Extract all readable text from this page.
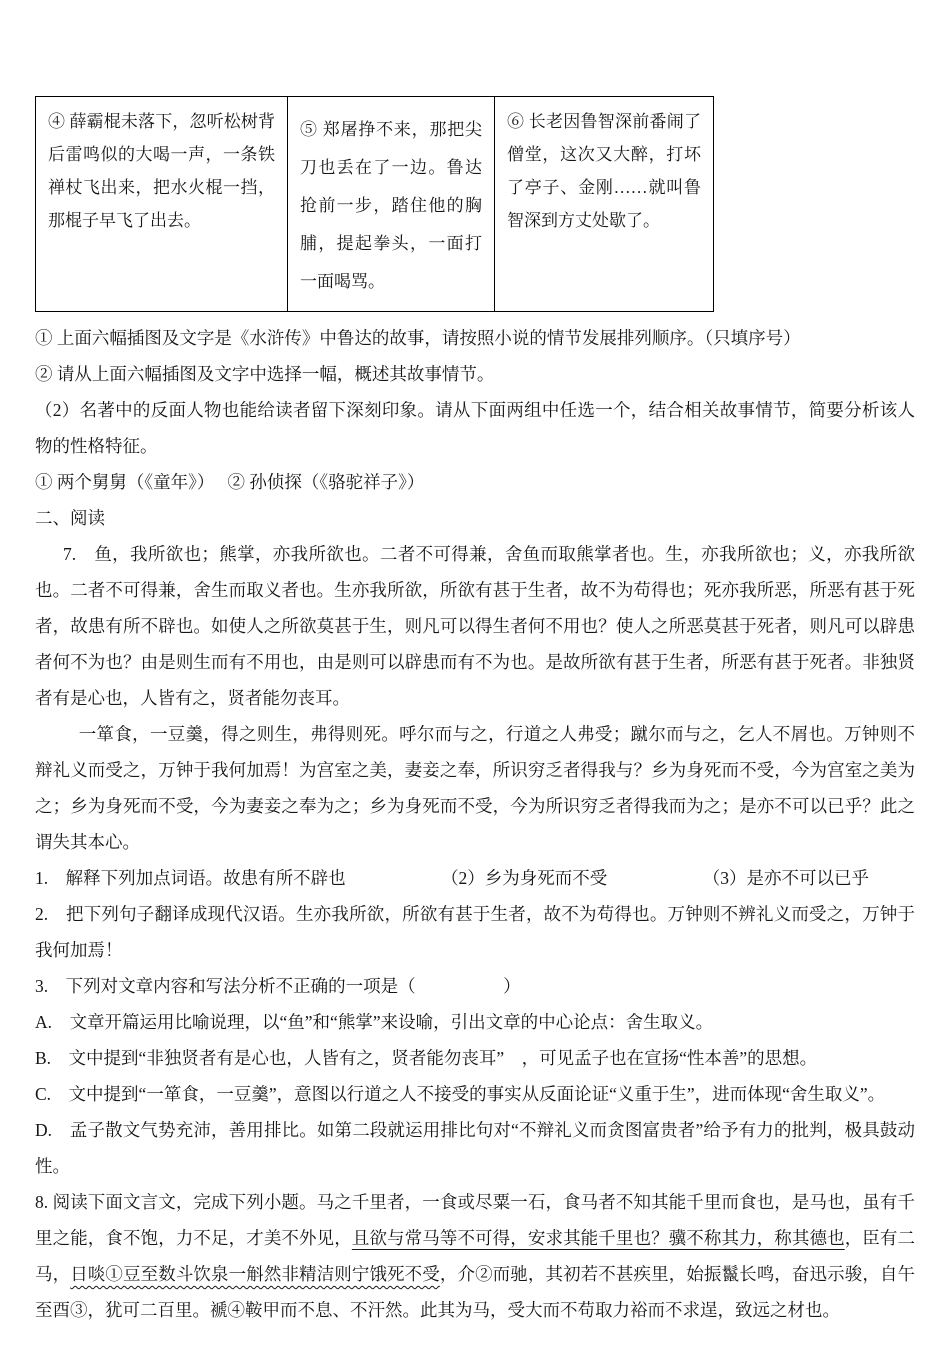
④ 薛霸棍未落下，忽听松树背后雷鸣似的大喝一声，一条铁禅杖飞出来，把水火棍一挡，那棍子早飞了出去。	⑤ 郑屠挣不来，那把尖刀也丢在了一边。鲁达抢前一步，踏住他的胸脯，提起拳头，一面打一面喝骂。	⑥ 长老因鲁智深前番闹了僧堂，这次又大醉，打坏了亭子、金刚……就叫鲁智深到方丈处歇了。

① 上面六幅插图及文字是《水浒传》中鲁达的故事，请按照小说的情节发展排列顺序。（只填序号）

② 请从上面六幅插图及文字中选择一幅，概述其故事情节。

（2）名著中的反面人物也能给读者留下深刻印象。请从下面两组中任选一个，结合相关故事情节，简要分析该人物的性格特征。

① 两个舅舅（《童年》）　 ② 孙侦探（《骆驼祥子》）

二、阅读

7.　鱼，我所欲也；熊掌，亦我所欲也。二者不可得兼，舍鱼而取熊掌者也。生，亦我所欲也；义，亦我所欲也。二者不可得兼，舍生而取义者也。生亦我所欲，所欲有甚于生者，故不为苟得也；死亦我所恶，所恶有甚于死者，故患有所不辟也。如使人之所欲莫甚于生，则凡可以得生者何不用也？使人之所恶莫甚于死者，则凡可以辟患者何不为也？由是则生而有不用也，由是则可以辟患而有不为也。是故所欲有甚于生者，所恶有甚于死者。非独贤者有是心也，人皆有之，贤者能勿丧耳。

一箪食，一豆羹，得之则生，弗得则死。呼尔而与之，行道之人弗受；蹴尔而与之，乞人不屑也。万钟则不辩礼义而受之，万钟于我何加焉！为宫室之美，妻妾之奉，所识穷乏者得我与？乡为身死而不受，今为宫室之美为之；乡为身死而不受，今为妻妾之奉为之；乡为身死而不受，今为所识穷乏者得我而为之；是亦不可以已乎？此之谓失其本心。

1.　解释下列加点词语。故患有所不辟也	（2）乡为身死而不受	（3）是亦不可以已乎

2.　把下列句子翻译成现代汉语。生亦我所欲，所欲有甚于生者，故不为苟得也。万钟则不辨礼义而受之，万钟于我何加焉！

3.　下列对文章内容和写法分析不正确的一项是（　　　　　）

A.　文章开篇运用比喻说理，以“鱼”和“熊掌”来设喻，引出文章的中心论点：舍生取义。

B.　文中提到“非独贤者有是心也，人皆有之，贤者能勿丧耳”　，可见孟子也在宣扬“性本善”的思想。

C.　文中提到“一箪食，一豆羹”，意图以行道之人不接受的事实从反面论证“义重于生”，进而体现“舍生取义”。

D.　孟子散文气势充沛，善用排比。如第二段就运用排比句对“不辩礼义而贪图富贵者”给予有力的批判，极具鼓动性。

8. 阅读下面文言文，完成下列小题。马之千里者，一食或尽粟一石，食马者不知其能千里而食也，是马也，虽有千里之能，食不饱，力不足，才美不外见，且欲与常马等不可得，安求其能千里也？骥不称其力，称其德也，臣有二马，日啖①豆至数斗饮泉一斛然非精洁则宁饿死不受，介②而驰，其初若不甚疾里，始振鬣长鸣，奋迅示骏，自午至酉③，犹可二百里。褫④鞍甲而不息、不汗然。此其为马，受大而不苟取力裕而不求逞，致远之材也。
